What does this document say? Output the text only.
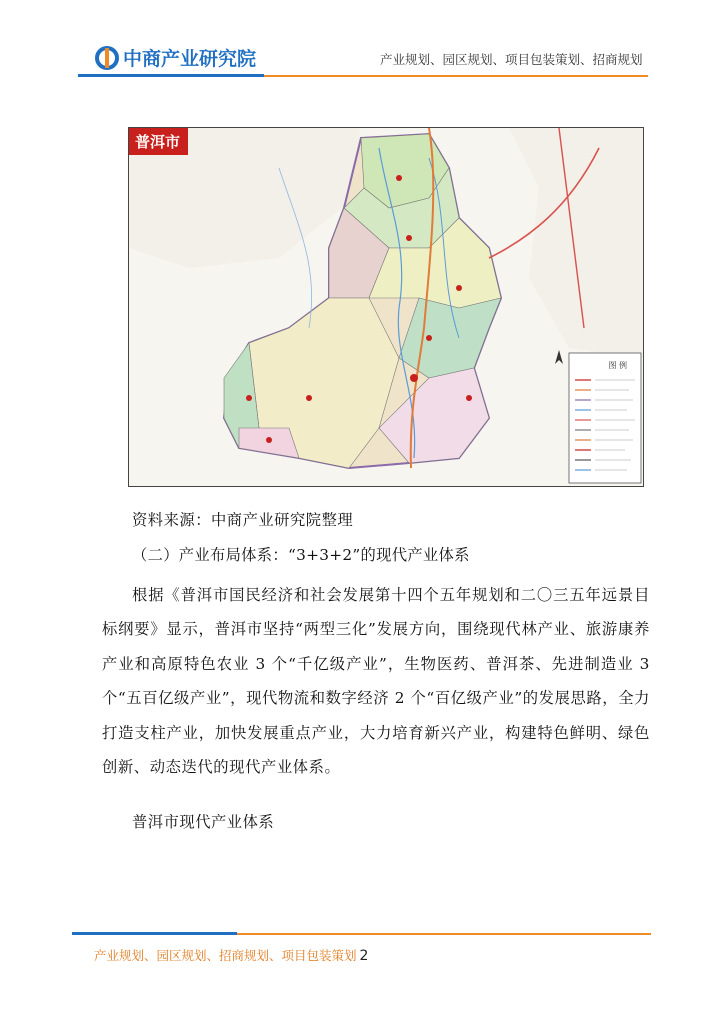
中商产业研究院	产业规划、园区规划、项目包装策划、招商规划
普洱市
图 例
资料来源：中商产业研究院整理
（二）产业布局体系：“3+3+2”的现代产业体系
根据《普洱市国民经济和社会发展第十四个五年规划和二〇三五年远景目标纲要》显示，普洱市坚持“两型三化”发展方向，围绕现代林产业、旅游康养产业和高原特色农业 3 个“千亿级产业”，生物医药、普洱茶、先进制造业 3 个“五百亿级产业”，现代物流和数字经济 2 个“百亿级产业”的发展思路，全力打造支柱产业，加快发展重点产业，大力培育新兴产业，构建特色鲜明、绿色创新、动态迭代的现代产业体系。
普洱市现代产业体系
产业规划、园区规划、招商规划、项目包装策划 2
